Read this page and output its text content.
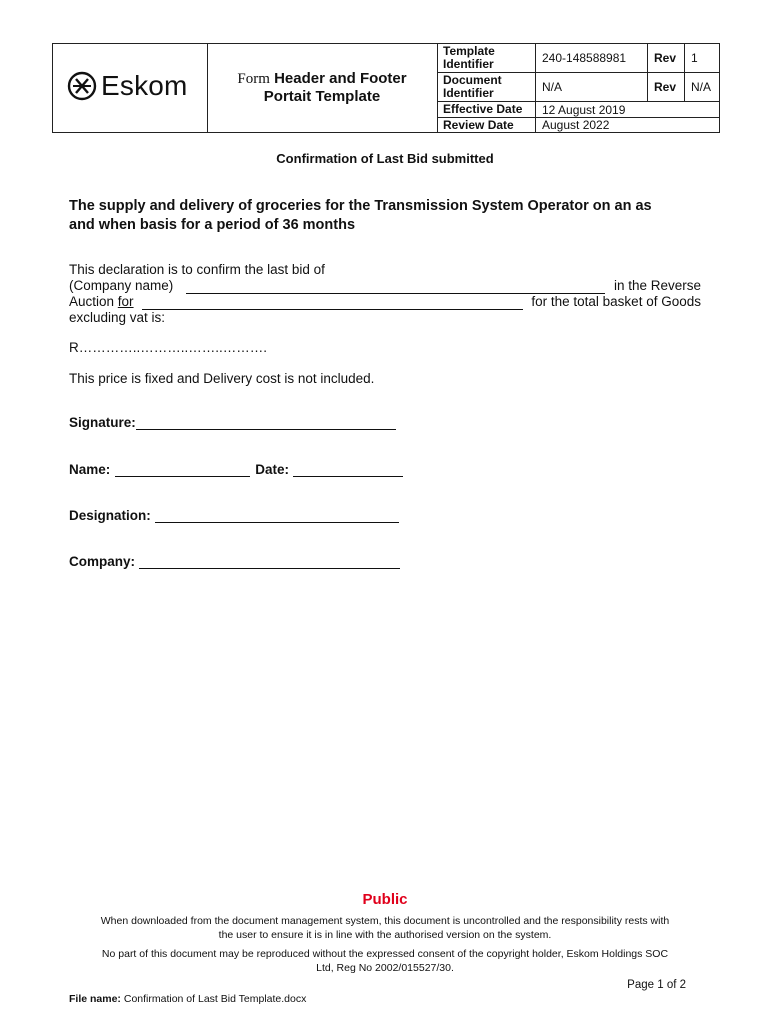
Eskom	Form Header and Footer
Portait Template
Template
Identifier	240-148588981	Rev	1
Document
Identifier	N/A	Rev	N/A
Effective Date	12 August 2019
Review Date	August 2022
Confirmation of Last Bid submitted
The supply and delivery of groceries for the Transmission System Operator on an as
and when basis for a period of 36 months
This declaration is to confirm the last bid of
(Company name)	in the Reverse
Auction for	for the total basket of Goods
excluding vat is:
R…………..………..……..……….
This price is fixed and Delivery cost is not included.
Signature:
Name:	Date:
Designation:
Company:
Public
When downloaded from the document management system, this document is uncontrolled and the responsibility rests with
the user to ensure it is in line with the authorised version on the system.
No part of this document may be reproduced without the expressed consent of the copyright holder, Eskom Holdings SOC
Ltd, Reg No 2002/015527/30.
Page 1 of 2
File name: Confirmation of Last Bid Template.docx
